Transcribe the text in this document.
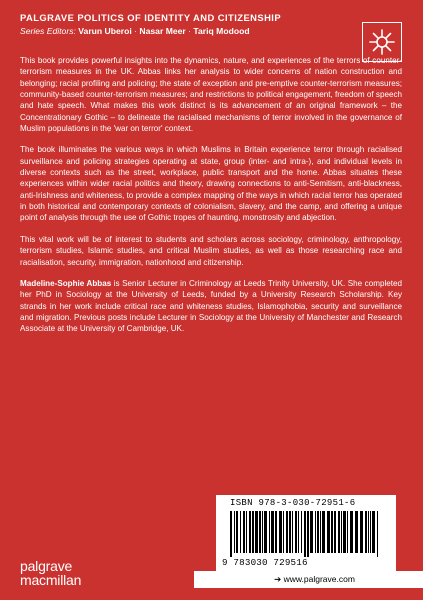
PALGRAVE POLITICS OF IDENTITY AND CITIZENSHIP
Series Editors: Varun Uberoi · Nasar Meer · Tariq Modood

This book provides powerful insights into the dynamics, nature, and experiences of the terrors of counter-terrorism measures in the UK. Abbas links her analysis to wider concerns of nation construction and belonging; racial profiling and policing; the state of exception and pre-emptive counter-terrorism measures; community-based counter-terrorism measures; and restrictions to political engagement, freedom of speech and hate speech. What makes this work distinct is its advancement of an original framework – the Concentrationary Gothic – to delineate the racialised mechanisms of terror involved in the governance of Muslim populations in the 'war on terror' context.

The book illuminates the various ways in which Muslims in Britain experience terror through racialised surveillance and policing strategies operating at state, group (inter- and intra-), and individual levels in diverse contexts such as the street, workplace, public transport and the home. Abbas situates these experiences within wider racial politics and theory, drawing connections to anti-Semitism, anti-blackness, anti-Irishness and whiteness, to provide a complex mapping of the ways in which racial terror has operated in both historical and contemporary contexts of colonialism, slavery, and the camp, and offering a unique point of analysis through the use of Gothic tropes of haunting, monstrosity and abjection.

This vital work will be of interest to students and scholars across sociology, criminology, anthropology, terrorism studies, Islamic studies, and critical Muslim studies, as well as those researching race and racialisation, security, immigration, nationhood and citizenship.

Madeline-Sophie Abbas is Senior Lecturer in Criminology at Leeds Trinity University, UK. She completed her PhD in Sociology at the University of Leeds, funded by a University Research Scholarship. Key strands in her work include critical race and whiteness studies, Islamophobia, security and surveillance and migration. Previous posts include Lecturer in Sociology at the University of Manchester and Research Associate at the University of Cambridge, UK.

ISBN 978-3-030-72951-6
9 783030 729516
palgrave
macmillan	➔ www.palgrave.com
